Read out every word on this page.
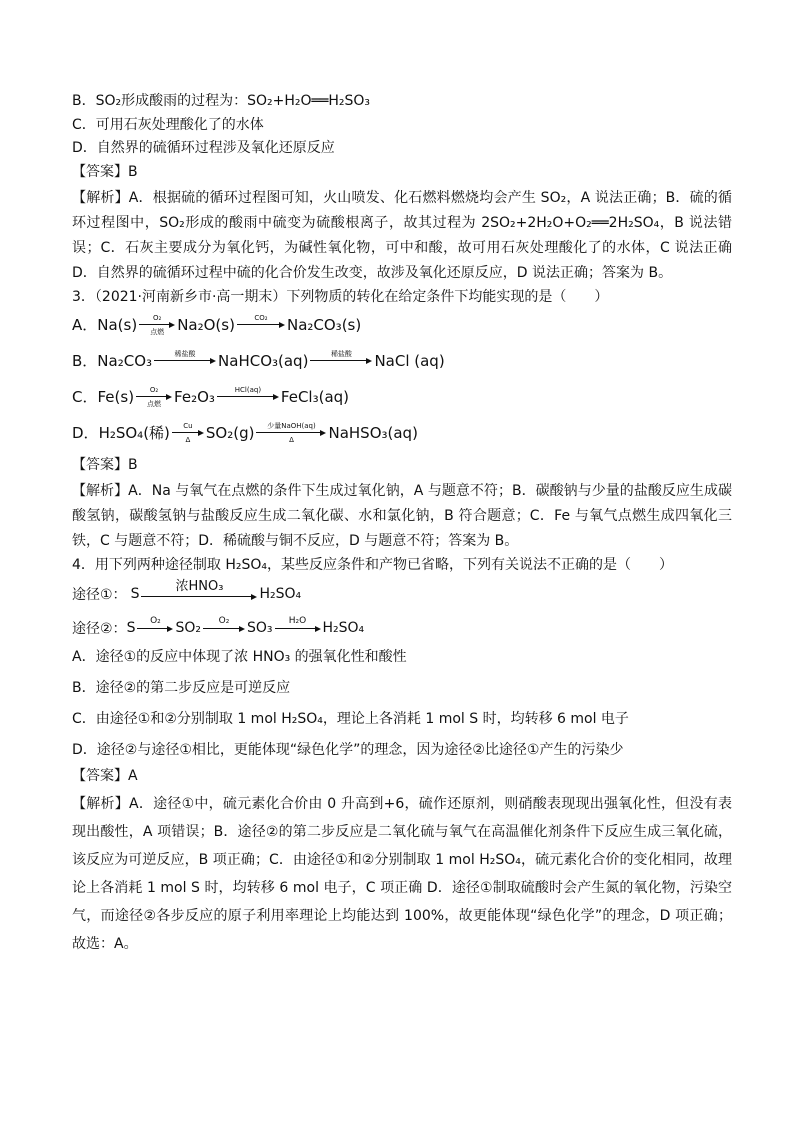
B．SO₂形成酸雨的过程为：SO₂+H₂O══H₂SO₃
C．可用石灰处理酸化了的水体
D．自然界的硫循环过程涉及氧化还原反应
【答案】B
【解析】A．根据硫的循环过程图可知，火山喷发、化石燃料燃烧均会产生 SO₂，A 说法正确；B．硫的循环过程图中，SO₂形成的酸雨中硫变为硫酸根离子，故其过程为 2SO₂+2H₂O+O₂══2H₂SO₄，B 说法错误；C．石灰主要成分为氧化钙，为碱性氧化物，可中和酸，故可用石灰处理酸化了的水体，C 说法正确 D．自然界的硫循环过程中硫的化合价发生改变，故涉及氧化还原反应，D 说法正确；答案为 B。
3．（2021·河南新乡市·高一期末）下列物质的转化在给定条件下均能实现的是（　　）
A． Na(s) O₂
点燃 Na₂O(s)	CO₂ Na₂CO₃(s)
B． Na₂CO₃	稀盐酸 NaHCO₃(aq)	稀盐酸 NaCl (aq)
C． Fe(s) O₂
点燃 Fe₂O₃	HCl(aq) FeCl₃(aq)
D． H₂SO₄(稀) Cu
Δ SO₂(g) 少量NaOH(aq)
Δ NaHSO₃(aq)
【答案】B
【解析】A．Na 与氧气在点燃的条件下生成过氧化钠，A 与题意不符；B．碳酸钠与少量的盐酸反应生成碳酸氢钠，碳酸氢钠与盐酸反应生成二氧化碳、水和氯化钠，B 符合题意；C．Fe 与氧气点燃生成四氧化三铁，C 与题意不符；D．稀硫酸与铜不反应，D 与题意不符；答案为 B。
4．用下列两种途径制取 H₂SO₄，某些反应条件和产物已省略，下列有关说法不正确的是（　　）
途径①： S	浓HNO₃	H₂SO₄
途径②： S O₂ SO₂ O₂ SO₃ H₂O H₂SO₄
A．途径①的反应中体现了浓 HNO₃ 的强氧化性和酸性
B．途径②的第二步反应是可逆反应
C．由途径①和②分别制取 1 mol H₂SO₄，理论上各消耗 1 mol S 时，均转移 6 mol 电子
D．途径②与途径①相比，更能体现“绿色化学”的理念，因为途径②比途径①产生的污染少
【答案】A
【解析】A．途径①中，硫元素化合价由 0 升高到+6，硫作还原剂，则硝酸表现现出强氧化性，但没有表现出酸性，A 项错误；B．途径②的第二步反应是二氧化硫与氧气在高温催化剂条件下反应生成三氧化硫，该反应为可逆反应，B 项正确；C．由途径①和②分别制取 1 mol H₂SO₄，硫元素化合价的变化相同，故理论上各消耗 1 mol S 时，均转移 6 mol 电子，C 项正确 D．途径①制取硫酸时会产生氮的氧化物，污染空气，而途径②各步反应的原子利用率理论上均能达到 100%，故更能体现“绿色化学”的理念，D 项正确；故选：A。
